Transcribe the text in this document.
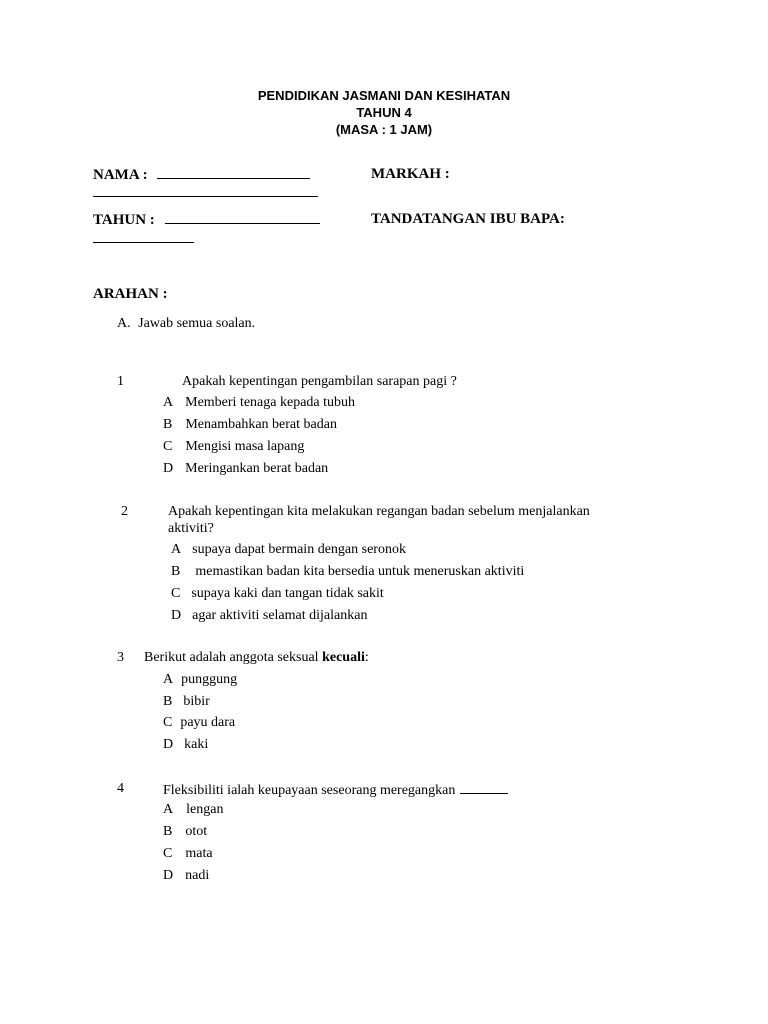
PENDIDIKAN JASMANI DAN KESIHATAN
TAHUN 4
(MASA : 1 JAM)
NAMA :	MARKAH :
TAHUN :	TANDATANGAN IBU BAPA:
ARAHAN :
A. Jawab semua soalan.
1	Apakah kepentingan pengambilan sarapan pagi ?
A Memberi tenaga kepada tubuh
B Menambahkan berat badan
C Mengisi masa lapang
D Meringankan berat badan
2	Apakah kepentingan kita melakukan regangan badan sebelum menjalankan
aktiviti?
A supaya dapat bermain dengan seronok
B memastikan badan kita bersedia untuk meneruskan aktiviti
C supaya kaki dan tangan tidak sakit
D agar aktiviti selamat dijalankan
3 Berikut adalah anggota seksual kecuali:
A punggung
B bibir
C payu dara
D kaki
4	Fleksibiliti ialah keupayaan seseorang meregangkan
A lengan
B otot
C mata
D nadi
